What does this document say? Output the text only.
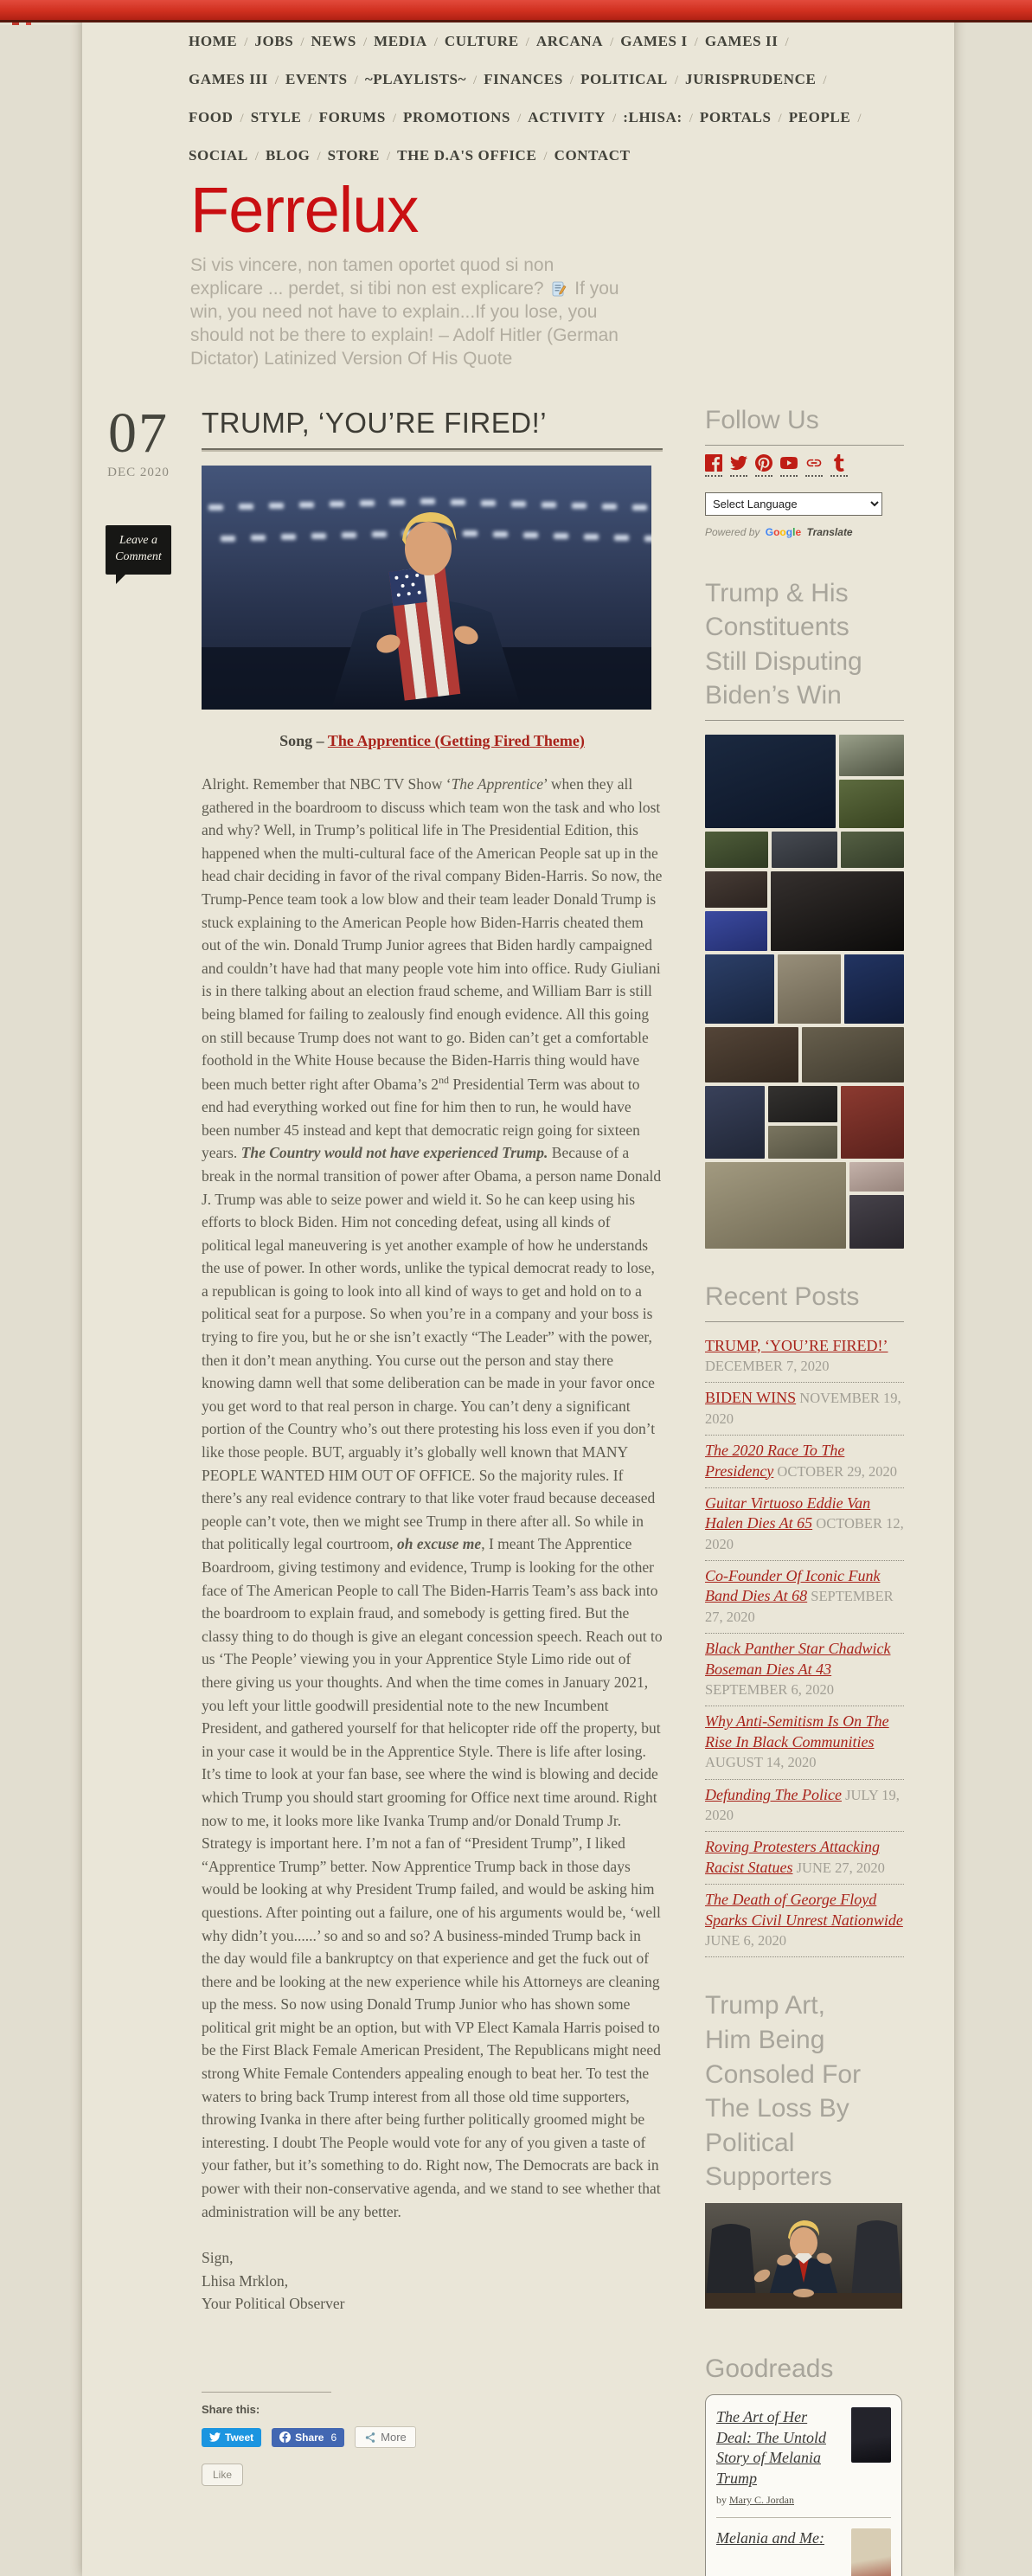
HOME / JOBS / NEWS / MEDIA / CULTURE / ARCANA / GAMES I / GAMES II /
GAMES III / EVENTS / ~PLAYLISTS~ / FINANCES / POLITICAL / JURISPRUDENCE /
FOOD / STYLE / FORUMS / PROMOTIONS / ACTIVITY / :LHISA: / PORTALS / PEOPLE /
SOCIAL / BLOG / STORE / THE D.A'S OFFICE / CONTACT
Ferrelux

Si vis vincere, non tamen oportet quod si non explicare ... perdet, si tibi non est explicare? If you win, you need not have to explain...If you lose, you should not be there to explain! – Adolf Hitler (German Dictator) Latinized Version Of His Quote

07
DEC 2020
Leave a Comment
TRUMP, ‘YOU’RE FIRED!’

Song – The Apprentice (Getting Fired Theme)

Alright. Remember that NBC TV Show ‘The Apprentice’ when they all gathered in the boardroom to discuss which team won the task and who lost and why? Well, in Trump’s political life in The Presidential Edition, this happened when the multi-cultural face of the American People sat up in the head chair deciding in favor of the rival company Biden-Harris. So now, the Trump-Pence team took a low blow and their team leader Donald Trump is stuck explaining to the American People how Biden-Harris cheated them out of the win. Donald Trump Junior agrees that Biden hardly campaigned and couldn’t have had that many people vote him into office. Rudy Giuliani is in there talking about an election fraud scheme, and William Barr is still being blamed for failing to zealously find enough evidence. All this going on still because Trump does not want to go. Biden can’t get a comfortable foothold in the White House because the Biden-Harris thing would have been much better right after Obama’s 2nd Presidential Term was about to end had everything worked out fine for him then to run, he would have been number 45 instead and kept that democratic reign going for sixteen years. The Country would not have experienced Trump. Because of a break in the normal transition of power after Obama, a person name Donald J. Trump was able to seize power and wield it. So he can keep using his efforts to block Biden. Him not conceding defeat, using all kinds of political legal maneuvering is yet another example of how he understands the use of power. In other words, unlike the typical democrat ready to lose, a republican is going to look into all kind of ways to get and hold on to a political seat for a purpose. So when you’re in a company and your boss is trying to fire you, but he or she isn’t exactly “The Leader” with the power, then it don’t mean anything. You curse out the person and stay there knowing damn well that some deliberation can be made in your favor once you get word to that real person in charge. You can’t deny a significant portion of the Country who’s out there protesting his loss even if you don’t like those people. BUT, arguably it’s globally well known that MANY PEOPLE WANTED HIM OUT OF OFFICE. So the majority rules. If there’s any real evidence contrary to that like voter fraud because deceased people can’t vote, then we might see Trump in there after all. So while in that politically legal courtroom, oh excuse me, I meant The Apprentice Boardroom, giving testimony and evidence, Trump is looking for the other face of The American People to call The Biden-Harris Team’s ass back into the boardroom to explain fraud, and somebody is getting fired. But the classy thing to do though is give an elegant concession speech. Reach out to us ‘The People’ viewing you in your Apprentice Style Limo ride out of there giving us your thoughts. And when the time comes in January 2021, you left your little goodwill presidential note to the new Incumbent President, and gathered yourself for that helicopter ride off the property, but in your case it would be in the Apprentice Style. There is life after losing. It’s time to look at your fan base, see where the wind is blowing and decide which Trump you should start grooming for Office next time around. Right now to me, it looks more like Ivanka Trump and/or Donald Trump Jr. Strategy is important here. I’m not a fan of “President Trump”, I liked “Apprentice Trump” better. Now Apprentice Trump back in those days would be looking at why President Trump failed, and would be asking him questions. After pointing out a failure, one of his arguments would be, ‘well why didn’t you......’ so and so and so? A business-minded Trump back in the day would file a bankruptcy on that experience and get the fuck out of there and be looking at the new experience while his Attorneys are cleaning up the mess. So now using Donald Trump Junior who has shown some political grit might be an option, but with VP Elect Kamala Harris poised to be the First Black Female American President, The Republicans might need strong White Female Contenders appealing enough to beat her. To test the waters to bring back Trump interest from all those old time supporters, throwing Ivanka in there after being further politically groomed might be interesting. I doubt The People would vote for any of you given a taste of your father, but it’s something to do. Right now, The Democrats are back in power with their non-conservative agenda, and we stand to see whether that administration will be any better.

Sign,
Lhisa Mrklon,
Your Political Observer

Share this:
Tweet	Share 6	More
Like
Follow Us
Select Language
Powered by Google Translate
Trump & His Constituents Still Disputing Biden’s Win
Recent Posts
TRUMP, ‘YOU’RE FIRED!’ DECEMBER 7, 2020
BIDEN WINS NOVEMBER 19, 2020
The 2020 Race To The Presidency OCTOBER 29, 2020
Guitar Virtuoso Eddie Van Halen Dies At 65 OCTOBER 12, 2020
Co-Founder Of Iconic Funk Band Dies At 68 SEPTEMBER 27, 2020
Black Panther Star Chadwick Boseman Dies At 43 SEPTEMBER 6, 2020
Why Anti-Semitism Is On The Rise In Black Communities AUGUST 14, 2020
Defunding The Police JULY 19, 2020
Roving Protesters Attacking Racist Statues JUNE 27, 2020
The Death of George Floyd Sparks Civil Unrest Nationwide JUNE 6, 2020
Trump Art, Him Being Consoled For The Loss By Political Supporters
Goodreads
The Art of Her Deal: The Untold Story of Melania Trump
by Mary C. Jordan
Melania and Me:
